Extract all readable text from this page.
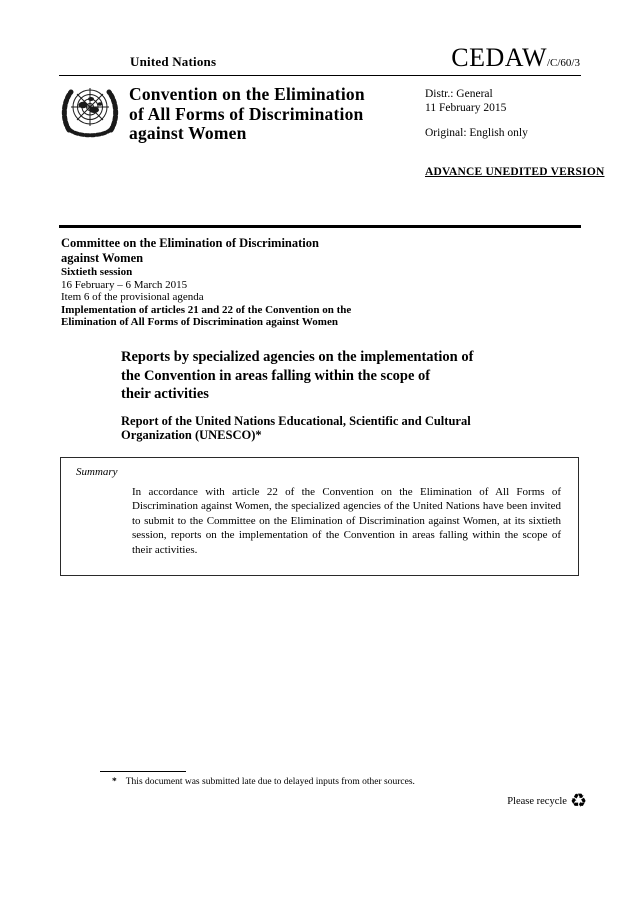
United Nations	CEDAW/C/60/3
Convention on the Elimination
of All Forms of Discrimination
against Women
Distr.: General
11 February 2015
Original: English only
ADVANCE UNEDITED VERSION
Committee on the Elimination of Discrimination
against Women
Sixtieth session
16 February – 6 March 2015
Item 6 of the provisional agenda
Implementation of articles 21 and 22 of the Convention on the
Elimination of All Forms of Discrimination against Women
Reports by specialized agencies on the implementation of
the Convention in areas falling within the scope of
their activities
Report of the United Nations Educational, Scientific and Cultural
Organization (UNESCO)*
Summary
In accordance with article 22 of the Convention on the Elimination of All Forms of Discrimination against Women, the specialized agencies of the United Nations have been invited to submit to the Committee on the Elimination of Discrimination against Women, at its sixtieth session, reports on the implementation of the Convention in areas falling within the scope of their activities.
* This document was submitted late due to delayed inputs from other sources.
Please recycle ♻
